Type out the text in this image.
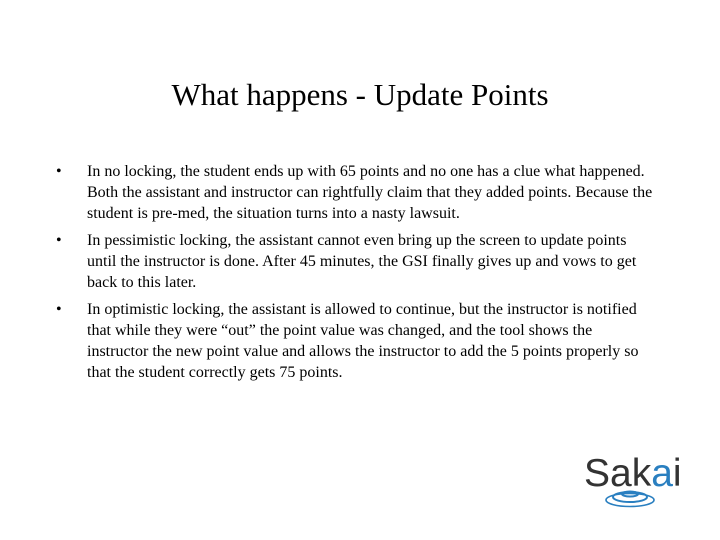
What happens - Update Points
• In no locking, the student ends up with 65 points and no one has a clue what happened. Both the assistant and instructor can rightfully claim that they added points. Because the student is pre-med, the situation turns into a nasty lawsuit.
• In pessimistic locking, the assistant cannot even bring up the screen to update points until the instructor is done. After 45 minutes, the GSI finally gives up and vows to get back to this later.
• In optimistic locking, the assistant is allowed to continue, but the instructor is notified that while they were “out” the point value was changed, and the tool shows the instructor the new point value and allows the instructor to add the 5 points properly so that the student correctly gets 75 points.
Sakai
